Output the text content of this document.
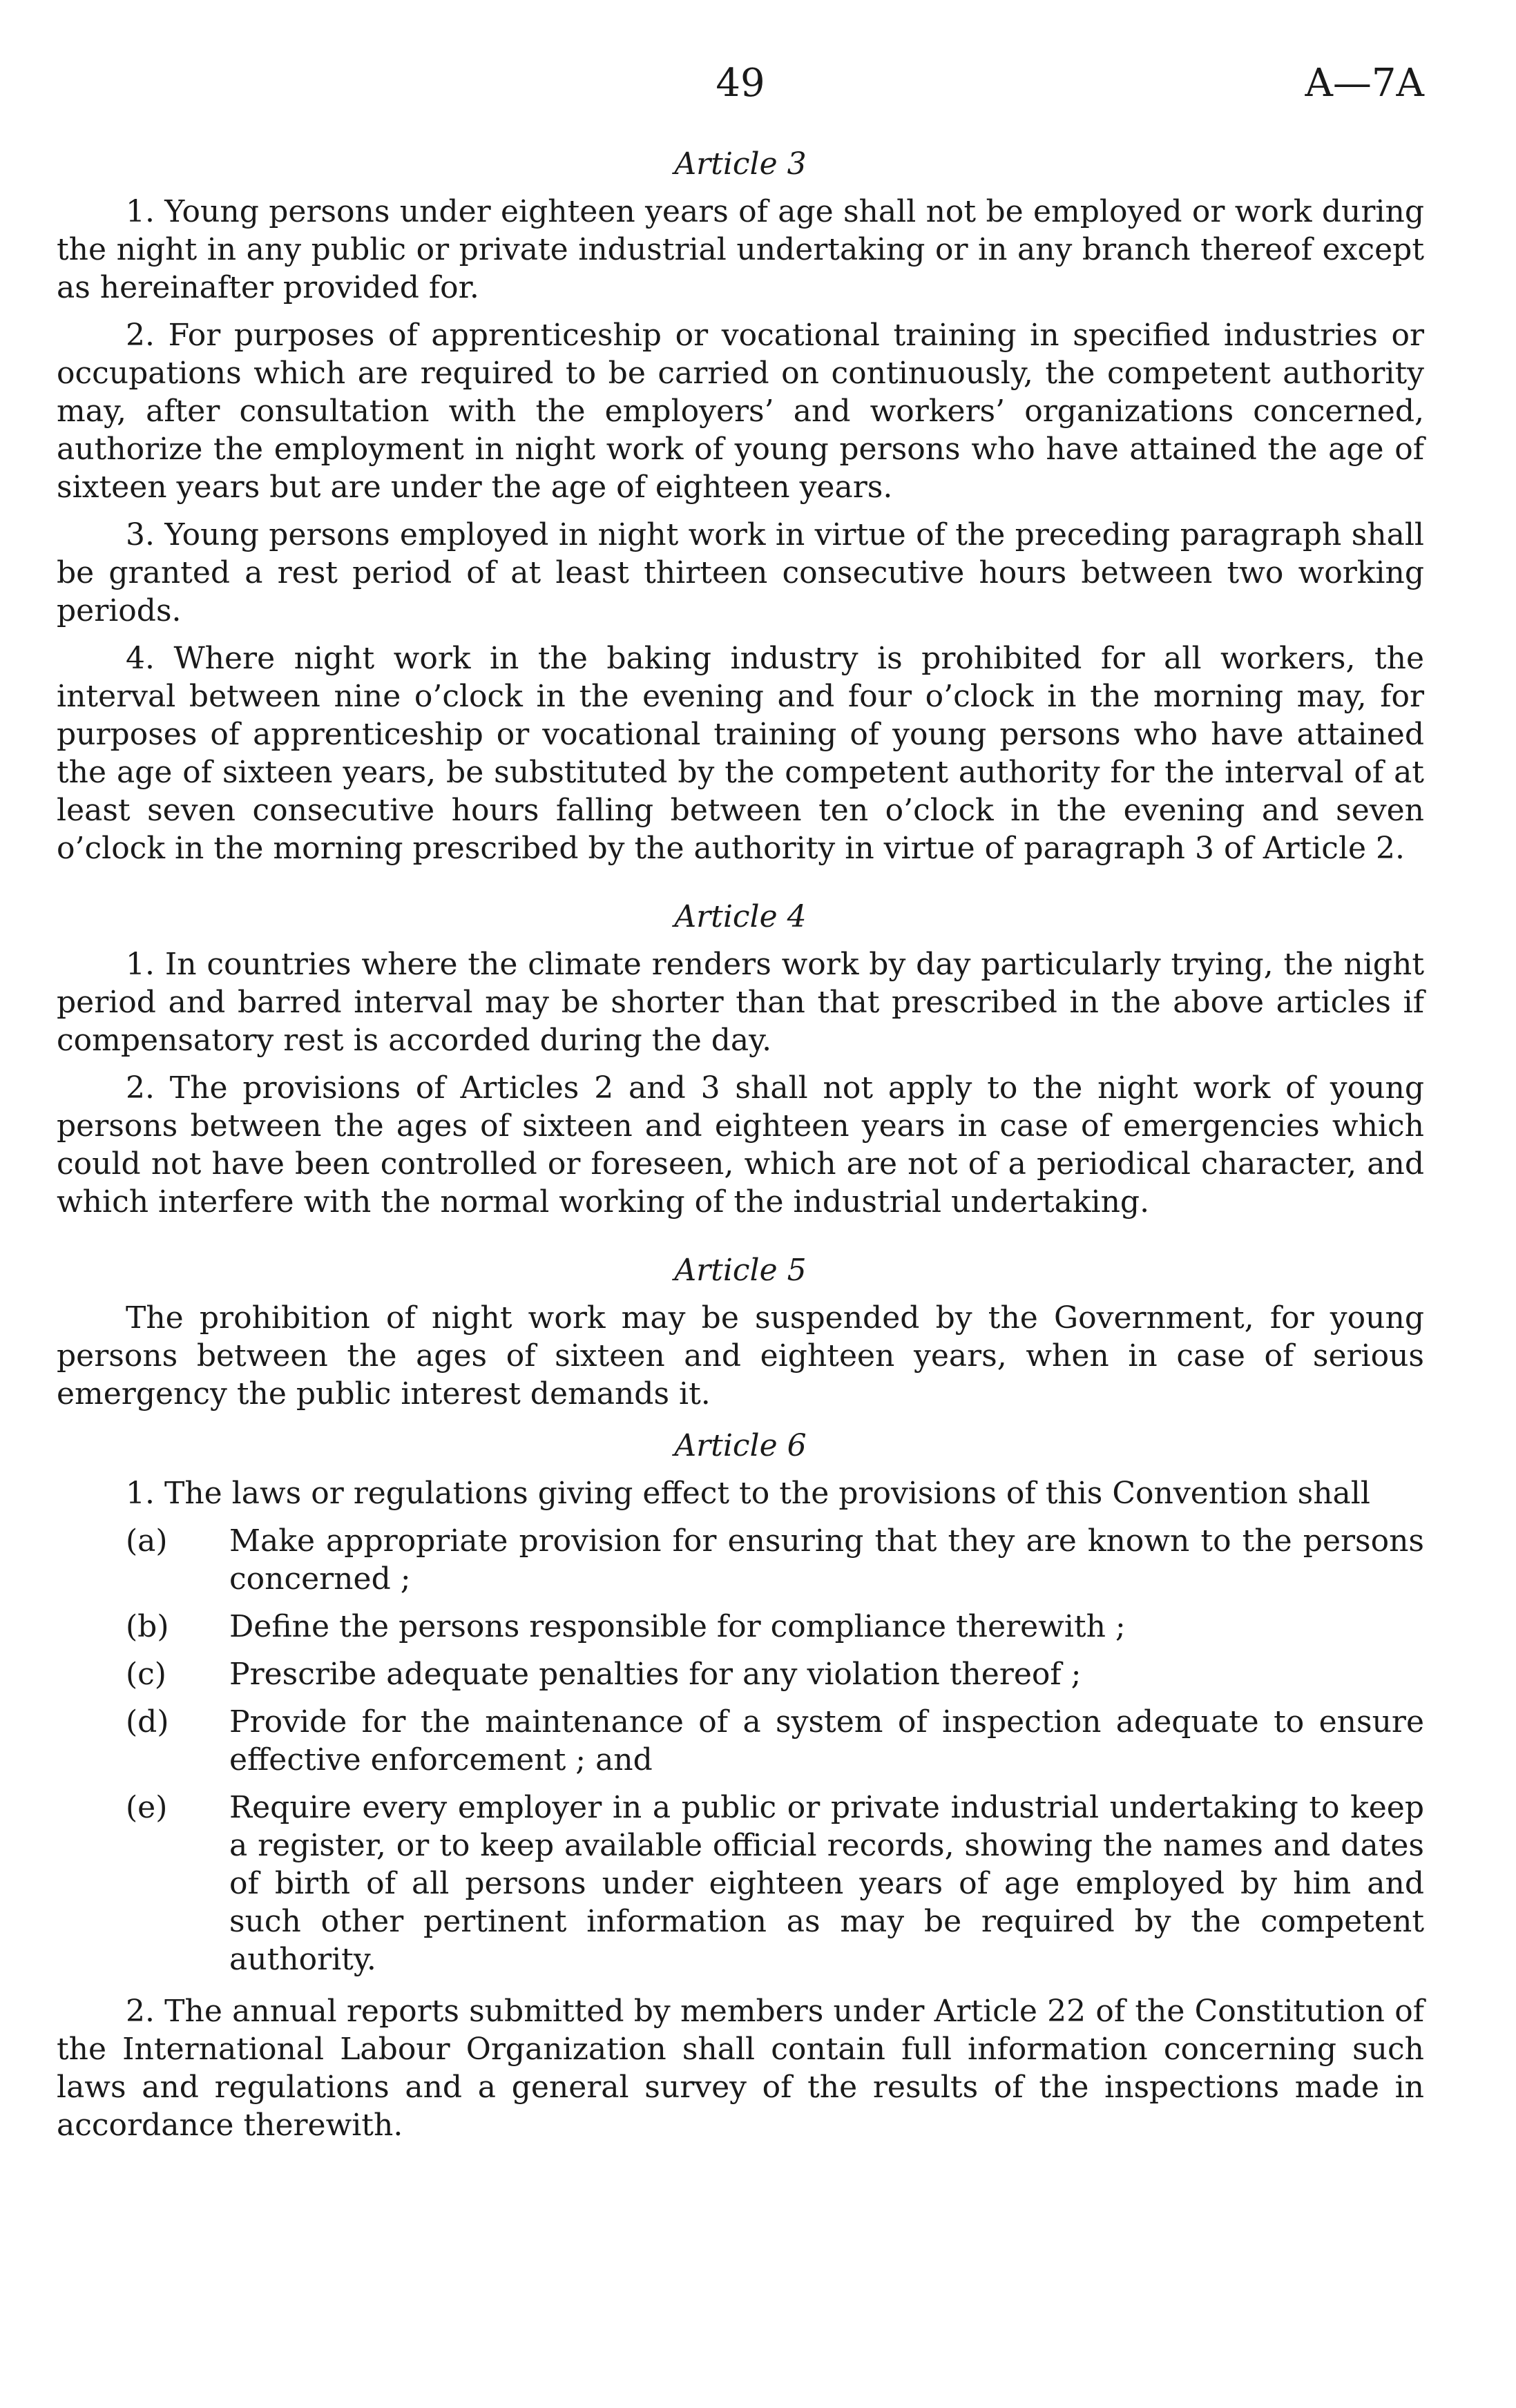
49	A—7A
Article 3

1. Young persons under eighteen years of age shall not be employed or work during the night in any public or private industrial undertaking or in any branch thereof except as hereinafter provided for.

2. For purposes of apprenticeship or vocational training in specified industries or occupations which are required to be carried on continuously, the competent authority may, after consultation with the employers’ and workers’ organizations concerned, authorize the employment in night work of young persons who have attained the age of sixteen years but are under the age of eighteen years.

3. Young persons employed in night work in virtue of the preceding paragraph shall be granted a rest period of at least thirteen consecutive hours between two working periods.

4. Where night work in the baking industry is prohibited for all workers, the interval between nine o’clock in the evening and four o’clock in the morning may, for purposes of apprenticeship or vocational training of young persons who have attained the age of sixteen years, be substituted by the competent authority for the interval of at least seven consecutive hours falling between ten o’clock in the evening and seven o’clock in the morning prescribed by the authority in virtue of paragraph 3 of Article 2.

Article 4

1. In countries where the climate renders work by day particularly trying, the night period and barred interval may be shorter than that prescribed in the above articles if compensatory rest is accorded during the day.

2. The provisions of Articles 2 and 3 shall not apply to the night work of young persons between the ages of sixteen and eighteen years in case of emergencies which could not have been controlled or foreseen, which are not of a periodical character, and which interfere with the normal working of the industrial undertaking.

Article 5

The prohibition of night work may be suspended by the Government, for young persons between the ages of sixteen and eighteen years, when in case of serious emergency the public interest demands it.

Article 6

1. The laws or regulations giving effect to the provisions of this Convention shall

(a) Make appropriate provision for ensuring that they are known to the persons concerned ;
(b) Define the persons responsible for compliance therewith ;
(c) Prescribe adequate penalties for any violation thereof ;
(d) Provide for the maintenance of a system of inspection adequate to ensure effective enforcement ; and
(e) Require every employer in a public or private industrial undertaking to keep a register, or to keep available official records, showing the names and dates of birth of all persons under eighteen years of age employed by him and such other pertinent information as may be required by the competent authority.

2. The annual reports submitted by members under Article 22 of the Constitution of the International Labour Organization shall contain full information concerning such laws and regulations and a general survey of the results of the inspections made in accordance therewith.
